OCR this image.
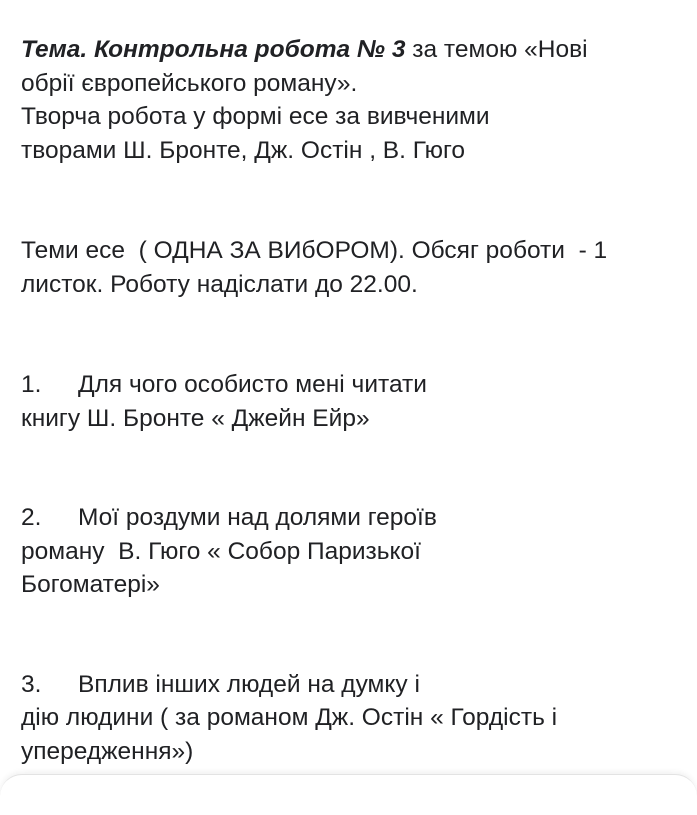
Тема. Контрольна робота № 3 за темою «Нові
обрії європейського роману».
Творча робота у формі есе за вивченими
творами Ш. Бронте, Дж. Остін , В. Гюго
Теми есе  ( ОДНА ЗА ВИбОРОМ). Обсяг роботи  - 1
листок. Роботу надіслати до 22.00.
1. Для чого особисто мені читати
книгу Ш. Бронте « Джейн Ейр»
2. Мої роздуми над долями героїв
роману  В. Гюго « Собор Паризької
Богоматері»
3. Вплив інших людей на думку і
дію людини ( за романом Дж. Остін « Гордість і
упередження»)
